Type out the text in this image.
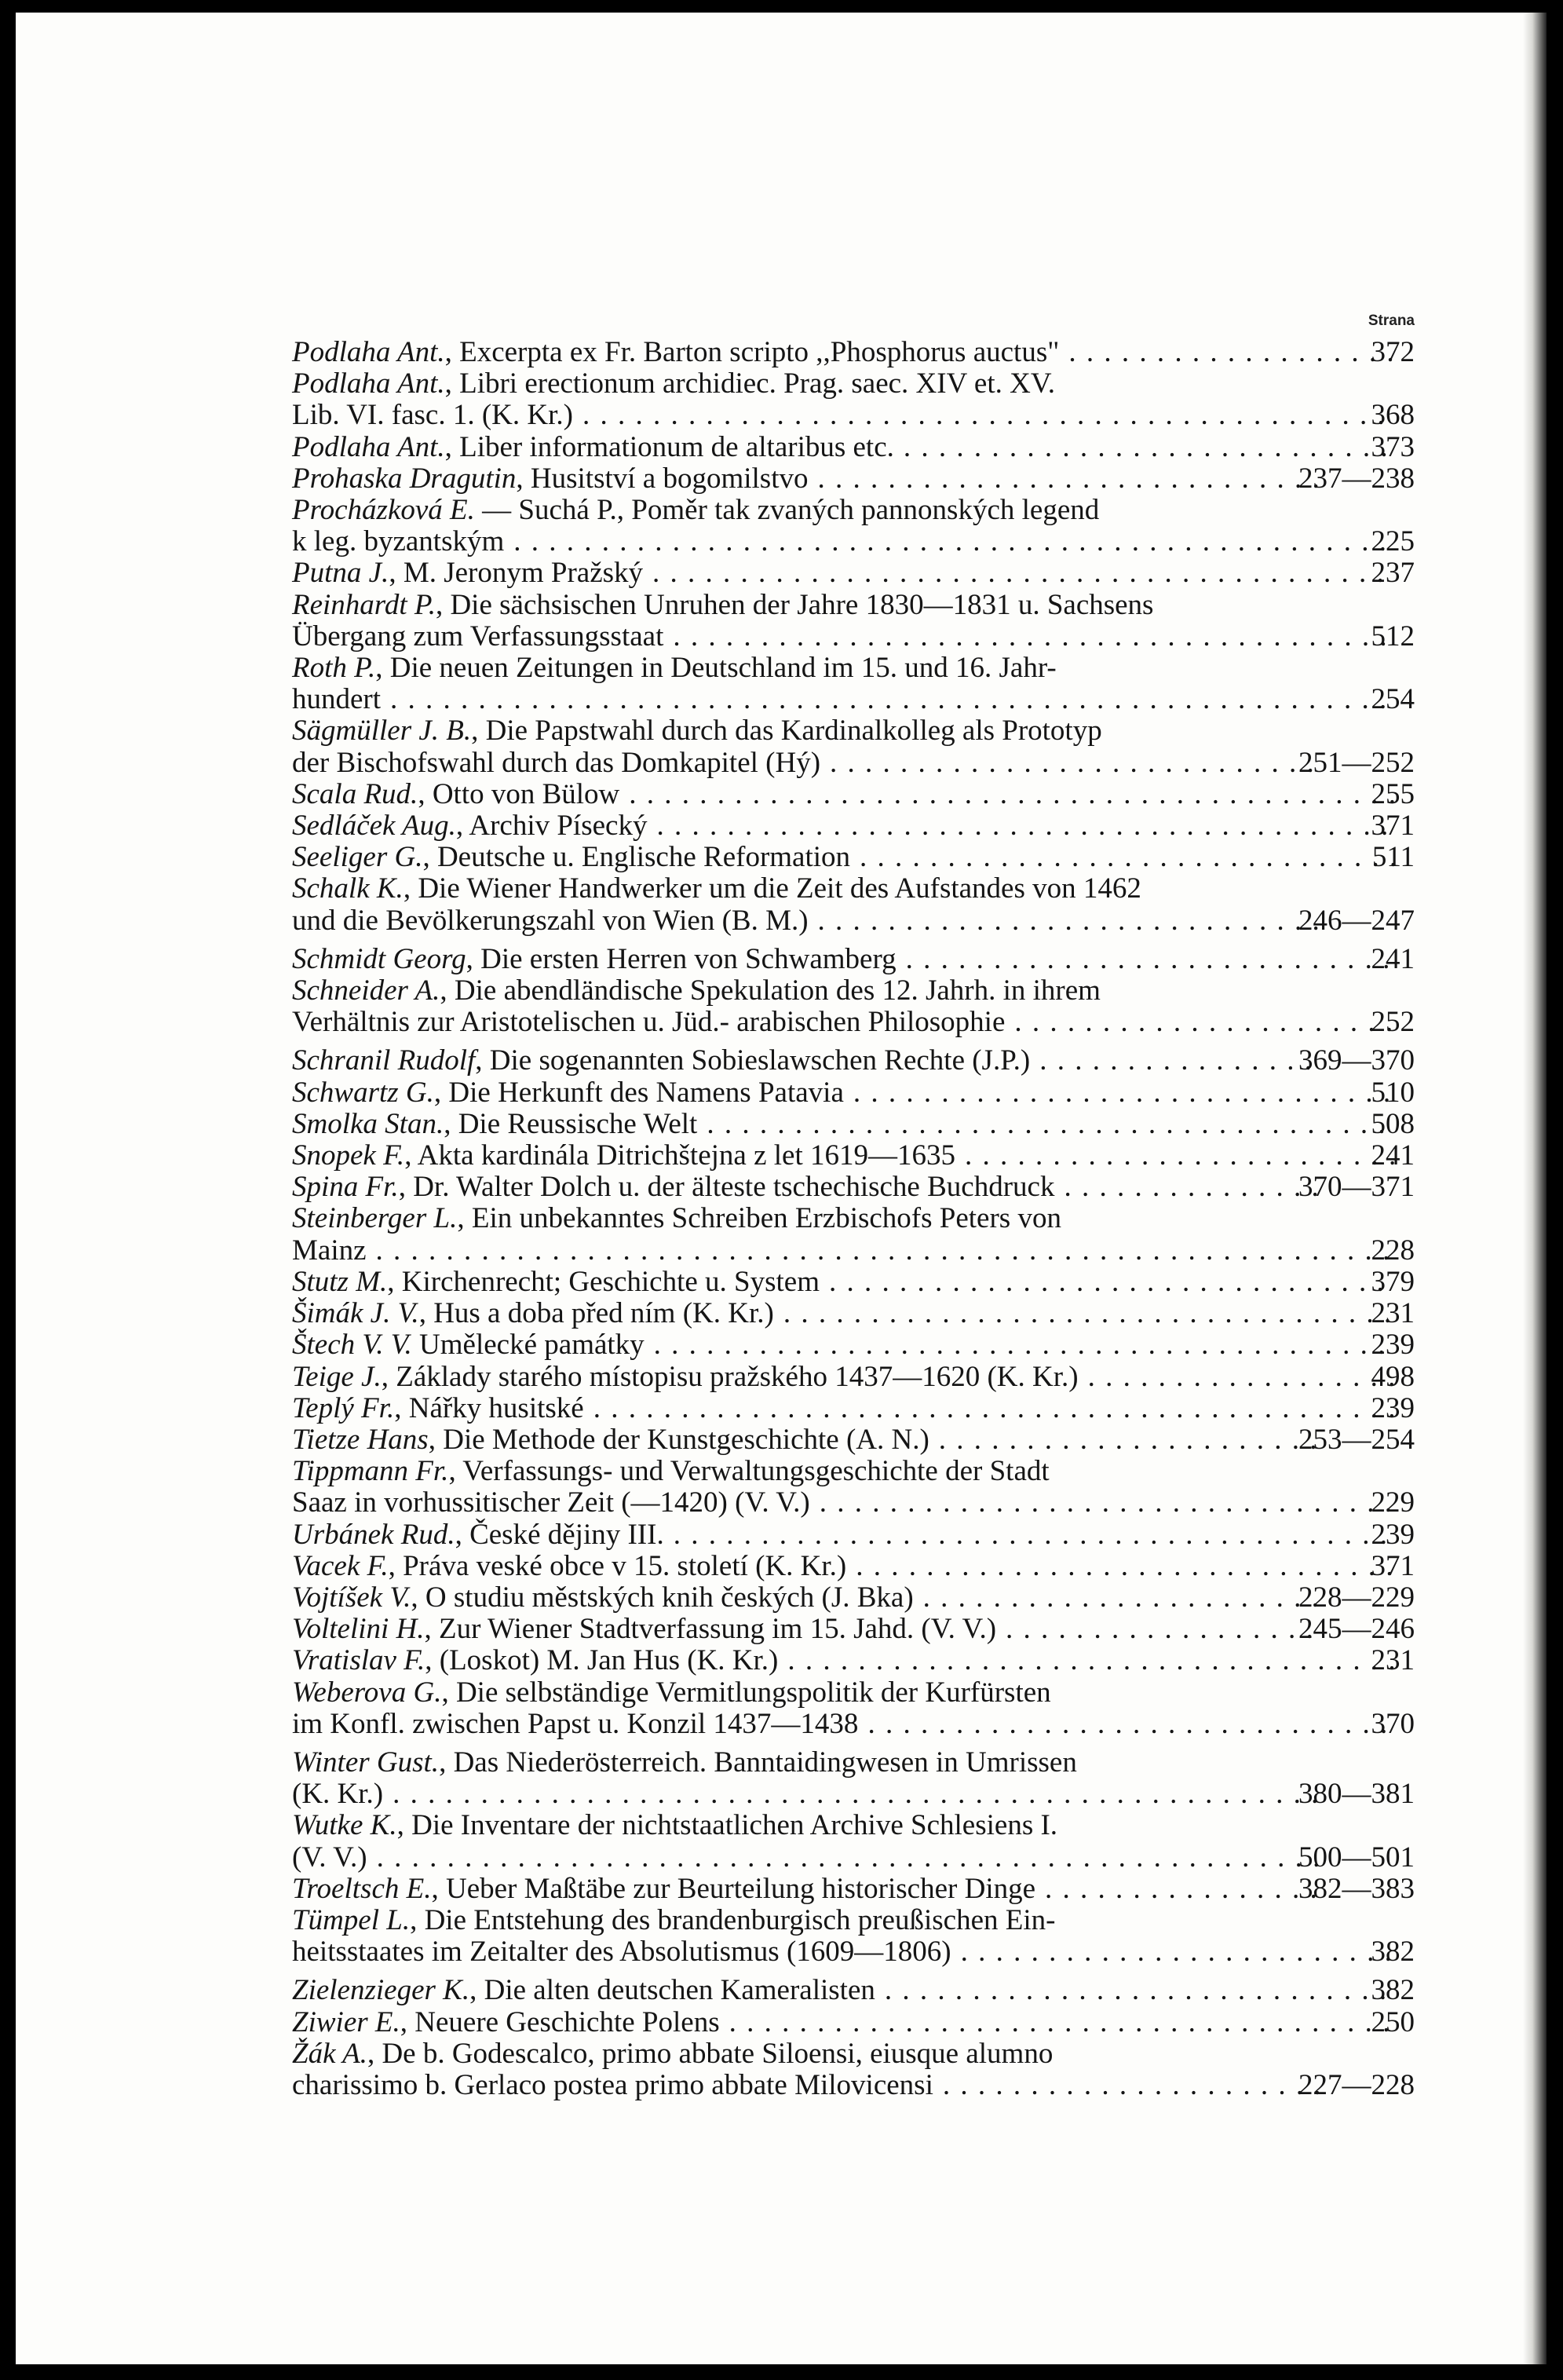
Strana
Podlaha Ant., Excerpta ex Fr. Barton scripto ,,Phosphorus auctus" . . .	372
Podlaha Ant., Libri erectionum archidiec. Prag. saec. XIV et. XV.
Lib. VI. fasc. 1. (K. Kr.) . . .	368
Podlaha Ant., Liber informationum de altaribus etc. . . .	373
Prohaska Dragutin, Husitství a bogomilstvo . . .	237—238
Procházková E. — Suchá P., Poměr tak zvaných pannonských legend
k leg. byzantským . . .	225
Putna J., M. Jeronym Pražský . . .	237
Reinhardt P., Die sächsischen Unruhen der Jahre 1830—1831 u. Sachsens
Übergang zum Verfassungsstaat . . .	512
Roth P., Die neuen Zeitungen in Deutschland im 15. und 16. Jahr-
hundert . . .	254
Sägmüller J. B., Die Papstwahl durch das Kardinalkolleg als Prototyp
der Bischofswahl durch das Domkapitel (Hý) . . .	251—252
Scala Rud., Otto von Bülow . . .	255
Sedláček Aug., Archiv Písecký . . .	371
Seeliger G., Deutsche u. Englische Reformation . . .	511
Schalk K., Die Wiener Handwerker um die Zeit des Aufstandes von 1462
und die Bevölkerungszahl von Wien (B. M.) . . .	246—247
Schmidt Georg, Die ersten Herren von Schwamberg . . .	241
Schneider A., Die abendländische Spekulation des 12. Jahrh. in ihrem
Verhältnis zur Aristotelischen u. Jüd.- arabischen Philosophie . . .	252
Schranil Rudolf, Die sogenannten Sobieslawschen Rechte (J.P.) . . .	369—370
Schwartz G., Die Herkunft des Namens Patavia . . .	510
Smolka Stan., Die Reussische Welt . . .	508
Snopek F., Akta kardinála Ditrichštejna z let 1619—1635 . . .	241
Spina Fr., Dr. Walter Dolch u. der älteste tschechische Buchdruck . . .	370—371
Steinberger L., Ein unbekanntes Schreiben Erzbischofs Peters von
Mainz . . .	228
Stutz M., Kirchenrecht; Geschichte u. System . . .	379
Šimák J. V., Hus a doba před ním (K. Kr.) . . .	231
Štech V. V. Umělecké památky . . .	239
Teige J., Základy starého místopisu pražského 1437—1620 (K. Kr.) . . .	498
Teplý Fr., Nářky husitské . . .	239
Tietze Hans, Die Methode der Kunstgeschichte (A. N.) . . .	253—254
Tippmann Fr., Verfassungs- und Verwaltungsgeschichte der Stadt
Saaz in vorhussitischer Zeit (—1420) (V. V.) . . .	229
Urbánek Rud., České dějiny III. . . .	239
Vacek F., Práva veské obce v 15. století (K. Kr.) . . .	371
Vojtíšek V., O studiu městských knih českých (J. Bka) . . .	228—229
Voltelini H., Zur Wiener Stadtverfassung im 15. Jahd. (V. V.) . . .	245—246
Vratislav F., (Loskot) M. Jan Hus (K. Kr.) . . .	231
Weberova G., Die selbständige Vermitlungspolitik der Kurfürsten
im Konfl. zwischen Papst u. Konzil 1437—1438 . . .	370
Winter Gust., Das Niederösterreich. Banntaidingwesen in Umrissen
(K. Kr.) . . .	380—381
Wutke K., Die Inventare der nichtstaatlichen Archive Schlesiens I.
(V. V.) . . .	500—501
Troeltsch E., Ueber Maßtäbe zur Beurteilung historischer Dinge . . .	382—383
Tümpel L., Die Entstehung des brandenburgisch preußischen Ein-
heitsstaates im Zeitalter des Absolutismus (1609—1806) . . .	382
Zielenzieger K., Die alten deutschen Kameralisten . . .	382
Ziwier E., Neuere Geschichte Polens . . .	250
Žák A., De b. Godescalco, primo abbate Siloensi, eiusque alumno
charissimo b. Gerlaco postea primo abbate Milovicensi . . .	227—228
